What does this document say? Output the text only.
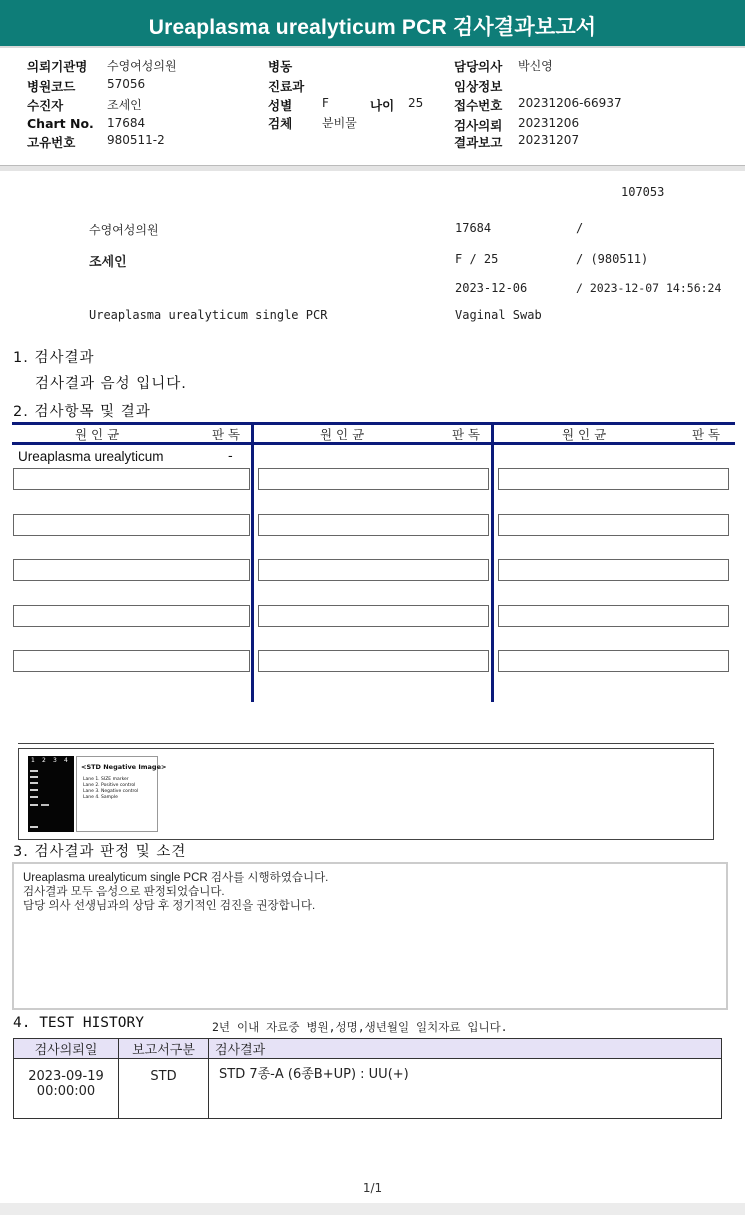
Ureaplasma urealyticum PCR 검사결과보고서
의뢰기관명 수영여성의원
병원코드	57056
수진자	조세인
Chart No. 17684
고유번호	980511-2
병동
진료과
성별 F	나이 25
검체 분비물
담당의사 박신영
임상정보
접수번호 20231206-66937
검사의뢰 20231206
결과보고 20231207
107053
수영여성의원	17684	/
조세인	F / 25	/ (980511)
2023-12-06	/ 2023-12-07 14:56:24
Ureaplasma urealyticum single PCR	Vaginal Swab
1. 검사결과
검사결과 음성 입니다.
2. 검사항목 및 결과
원 인 균	판 독	원 인 균	판 독	원 인 균	판 독
Ureaplasma urealyticum	-
1 2 3 4
<STD Negative Image>
Lane 1. SIZE marker
Lane 2. Positive control
Lane 3. Negative control
Lane 4. Sample
3. 검사결과 판정 및 소견
Ureaplasma urealyticum single PCR 검사를 시행하였습니다.
검사결과 모두 음성으로 판정되었습니다.
담당 의사 선생님과의 상담 후 정기적인 검진을 권장합니다.
4. TEST HISTORY	2년 이내 자료중 병원,성명,생년월일 일치자료 입니다.
검사의뢰일	보고서구분	검사결과

2023-09-19
00:00:00	STD	STD 7종-A (6종B+UP) : UU(+)
1/1
